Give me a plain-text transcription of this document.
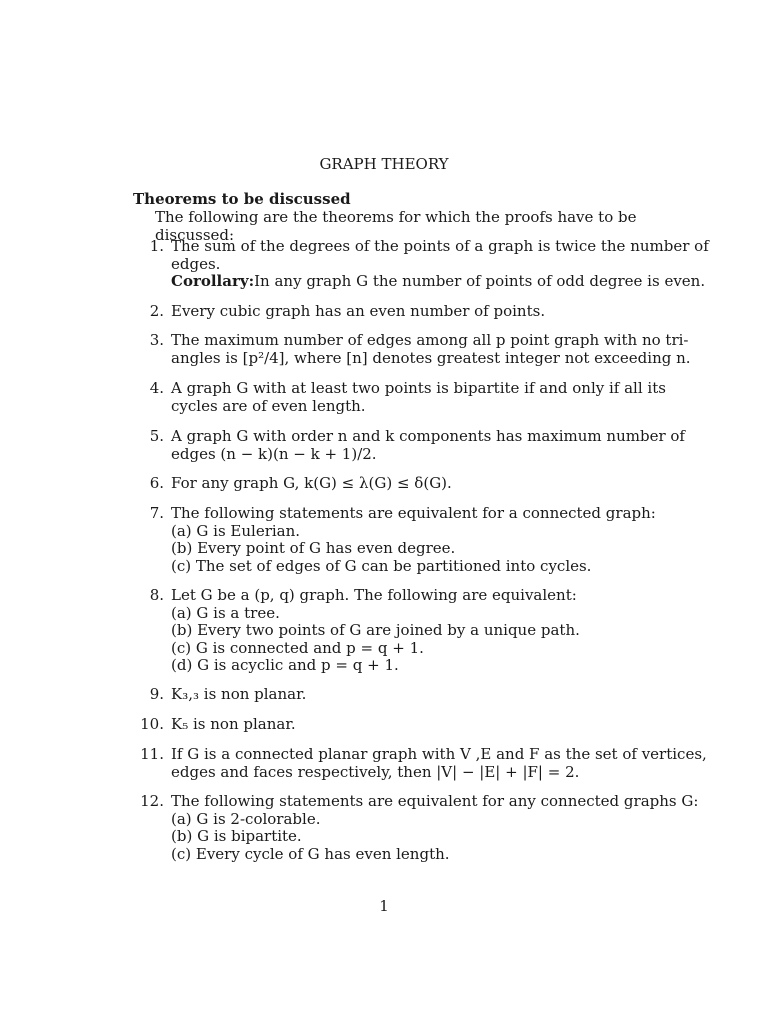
GRAPH THEORY
Theorems to be discussed
The following are the theorems for which the proofs have to be discussed:
1. The sum of the degrees of the points of a graph is twice the number of
edges.
Corollary:In any graph G the number of points of odd degree is even.
2. Every cubic graph has an even number of points.
3. The maximum number of edges among all p point graph with no tri-
angles is [p²/4], where [n] denotes greatest integer not exceeding n.
4. A graph G with at least two points is bipartite if and only if all its
cycles are of even length.
5. A graph G with order n and k components has maximum number of
edges (n − k)(n − k + 1)/2.
6. For any graph G, k(G) ≤ λ(G) ≤ δ(G).
7. The following statements are equivalent for a connected graph:
(a) G is Eulerian.
(b) Every point of G has even degree.
(c) The set of edges of G can be partitioned into cycles.
8. Let G be a (p, q) graph. The following are equivalent:
(a) G is a tree.
(b) Every two points of G are joined by a unique path.
(c) G is connected and p = q + 1.
(d) G is acyclic and p = q + 1.
9. K₃,₃ is non planar.
10. K₅ is non planar.
11. If G is a connected planar graph with V ,E and F as the set of vertices,
edges and faces respectively, then |V| − |E| + |F| = 2.
12. The following statements are equivalent for any connected graphs G:
(a) G is 2-colorable.
(b) G is bipartite.
(c) Every cycle of G has even length.
1
